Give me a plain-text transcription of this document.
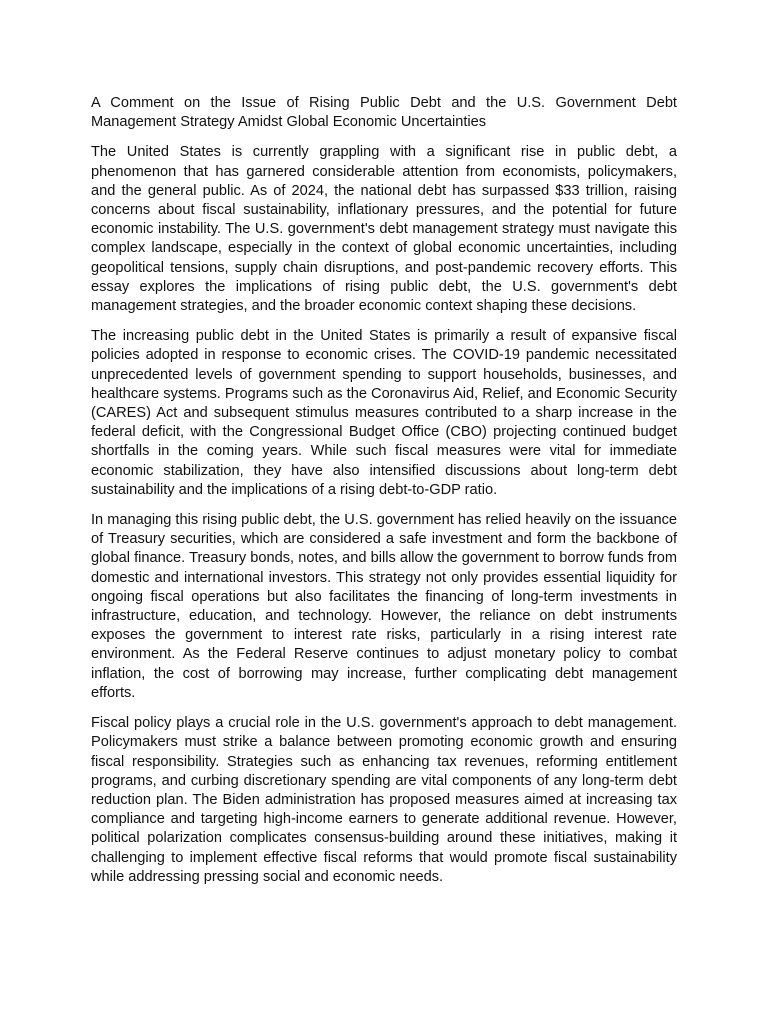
A Comment on the Issue of Rising Public Debt and the U.S. Government Debt Management Strategy Amidst Global Economic Uncertainties

The United States is currently grappling with a significant rise in public debt, a phenomenon that has garnered considerable attention from economists, policymakers, and the general public. As of 2024, the national debt has surpassed $33 trillion, raising concerns about fiscal sustainability, inflationary pressures, and the potential for future economic instability. The U.S. government's debt management strategy must navigate this complex landscape, especially in the context of global economic uncertainties, including geopolitical tensions, supply chain disruptions, and post-pandemic recovery efforts. This essay explores the implications of rising public debt, the U.S. government's debt management strategies, and the broader economic context shaping these decisions.

The increasing public debt in the United States is primarily a result of expansive fiscal policies adopted in response to economic crises. The COVID-19 pandemic necessitated unprecedented levels of government spending to support households, businesses, and healthcare systems. Programs such as the Coronavirus Aid, Relief, and Economic Security (CARES) Act and subsequent stimulus measures contributed to a sharp increase in the federal deficit, with the Congressional Budget Office (CBO) projecting continued budget shortfalls in the coming years. While such fiscal measures were vital for immediate economic stabilization, they have also intensified discussions about long-term debt sustainability and the implications of a rising debt-to-GDP ratio.

In managing this rising public debt, the U.S. government has relied heavily on the issuance of Treasury securities, which are considered a safe investment and form the backbone of global finance. Treasury bonds, notes, and bills allow the government to borrow funds from domestic and international investors. This strategy not only provides essential liquidity for ongoing fiscal operations but also facilitates the financing of long-term investments in infrastructure, education, and technology. However, the reliance on debt instruments exposes the government to interest rate risks, particularly in a rising interest rate environment. As the Federal Reserve continues to adjust monetary policy to combat inflation, the cost of borrowing may increase, further complicating debt management efforts.

Fiscal policy plays a crucial role in the U.S. government's approach to debt management. Policymakers must strike a balance between promoting economic growth and ensuring fiscal responsibility. Strategies such as enhancing tax revenues, reforming entitlement programs, and curbing discretionary spending are vital components of any long-term debt reduction plan. The Biden administration has proposed measures aimed at increasing tax compliance and targeting high-income earners to generate additional revenue. However, political polarization complicates consensus-building around these initiatives, making it challenging to implement effective fiscal reforms that would promote fiscal sustainability while addressing pressing social and economic needs.
